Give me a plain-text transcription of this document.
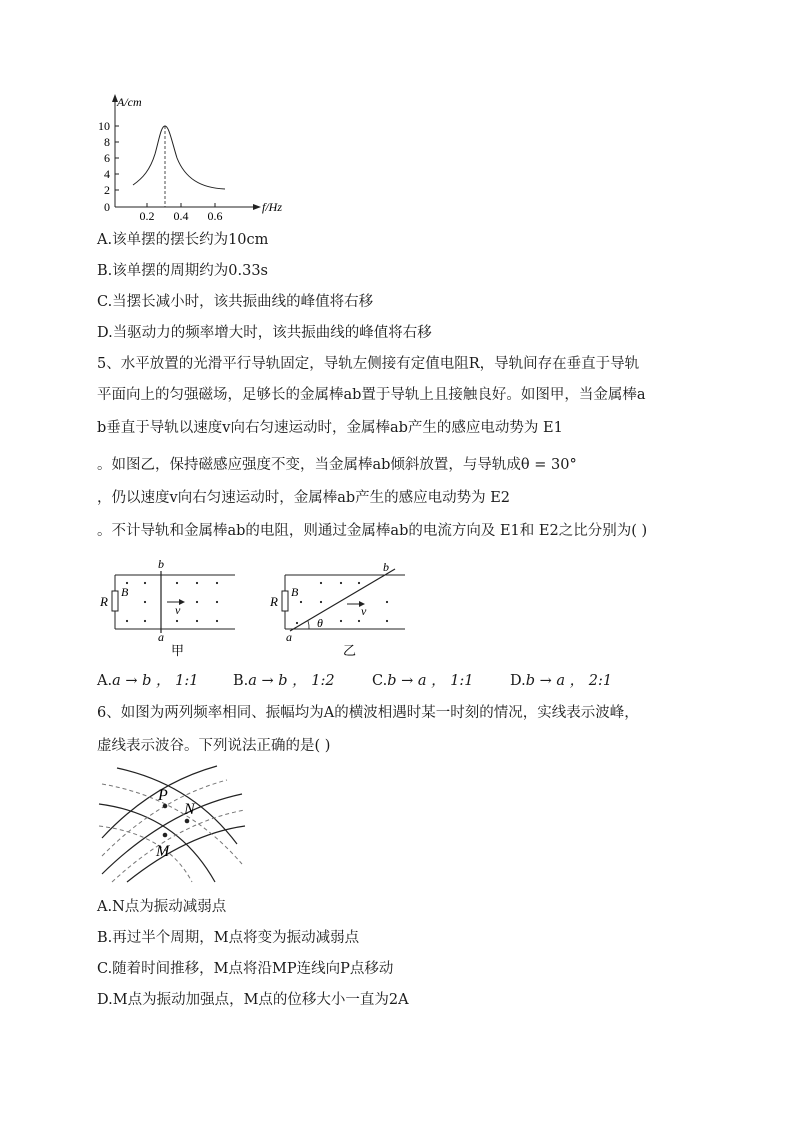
A/cm
f/Hz
10
8
6
4
2
0
0.2 0.4 0.6
A.该单摆的摆长约为10cm
B.该单摆的周期约为0.33s
C.当摆长减小时，该共振曲线的峰值将右移
D.当驱动力的频率增大时，该共振曲线的峰值将右移
5、水平放置的光滑平行导轨固定，导轨左侧接有定值电阻R，导轨间存在垂直于导轨
平面向上的匀强磁场，足够长的金属棒ab置于导轨上且接触良好。如图甲，当金属棒a
b垂直于导轨以速度v向右匀速运动时，金属棒ab产生的感应电动势为 E1
。如图乙，保持磁感应强度不变，当金属棒ab倾斜放置，与导轨成θ = 30°
，仍以速度v向右匀速运动时，金属棒ab产生的感应电动势为 E2
。不计导轨和金属棒ab的电阻，则通过金属棒ab的电流方向及 E1和 E2之比分别为( )
R
B
b
a
v
甲
R
B
b
a
θ
v
乙
A.a → b ， 1:1 B.a → b ， 1:2	C.b → a ， 1:1	D.b → a ， 2:1
6、如图为两列频率相同、振幅均为A的横波相遇时某一时刻的情况，实线表示波峰，
虚线表示波谷。下列说法正确的是( )
P
N
M
A.N点为振动减弱点
B.再过半个周期，M点将变为振动减弱点
C.随着时间推移，M点将沿MP连线向P点移动
D.M点为振动加强点，M点的位移大小一直为2A
